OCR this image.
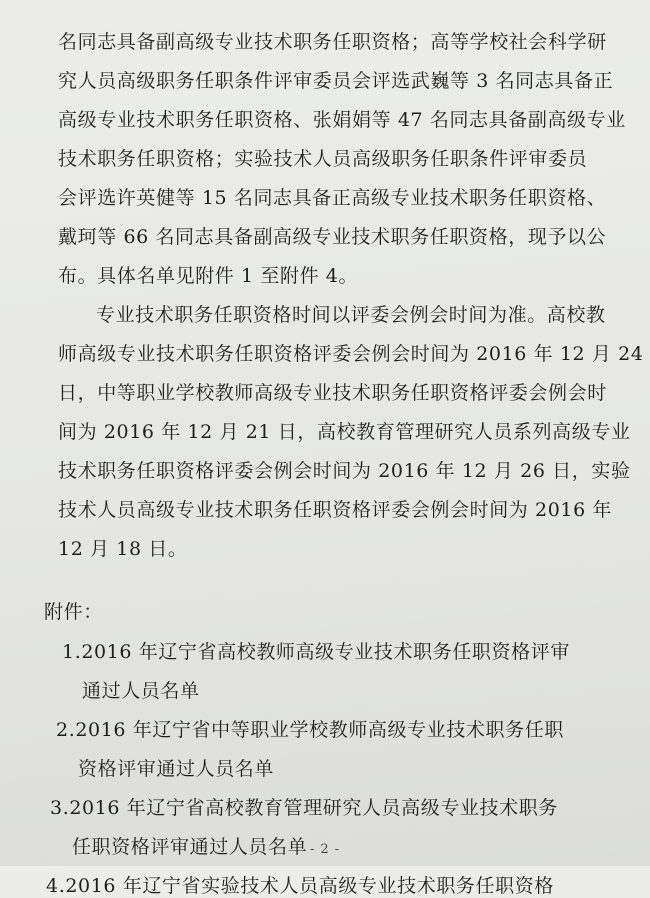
名同志具备副高级专业技术职务任职资格；高等学校社会科学研
究人员高级职务任职条件评审委员会评选武巍等 3 名同志具备正
高级专业技术职务任职资格、张娟娟等 47 名同志具备副高级专业
技术职务任职资格；实验技术人员高级职务任职条件评审委员
会评选许英健等 15 名同志具备正高级专业技术职务任职资格、
戴珂等 66 名同志具备副高级专业技术职务任职资格，现予以公
布。具体名单见附件 1 至附件 4。
专业技术职务任职资格时间以评委会例会时间为准。高校教
师高级专业技术职务任职资格评委会例会时间为 2016 年 12 月 24
日，中等职业学校教师高级专业技术职务任职资格评委会例会时
间为 2016 年 12 月 21 日，高校教育管理研究人员系列高级专业
技术职务任职资格评委会例会时间为 2016 年 12 月 26 日，实验
技术人员高级专业技术职务任职资格评委会例会时间为 2016 年
12 月 18 日。
附件：
1.2016 年辽宁省高校教师高级专业技术职务任职资格评审
通过人员名单
2.2016 年辽宁省中等职业学校教师高级专业技术职务任职
资格评审通过人员名单
3.2016 年辽宁省高校教育管理研究人员高级专业技术职务
任职资格评审通过人员名单
4.2016 年辽宁省实验技术人员高级专业技术职务任职资格
- 2 -
